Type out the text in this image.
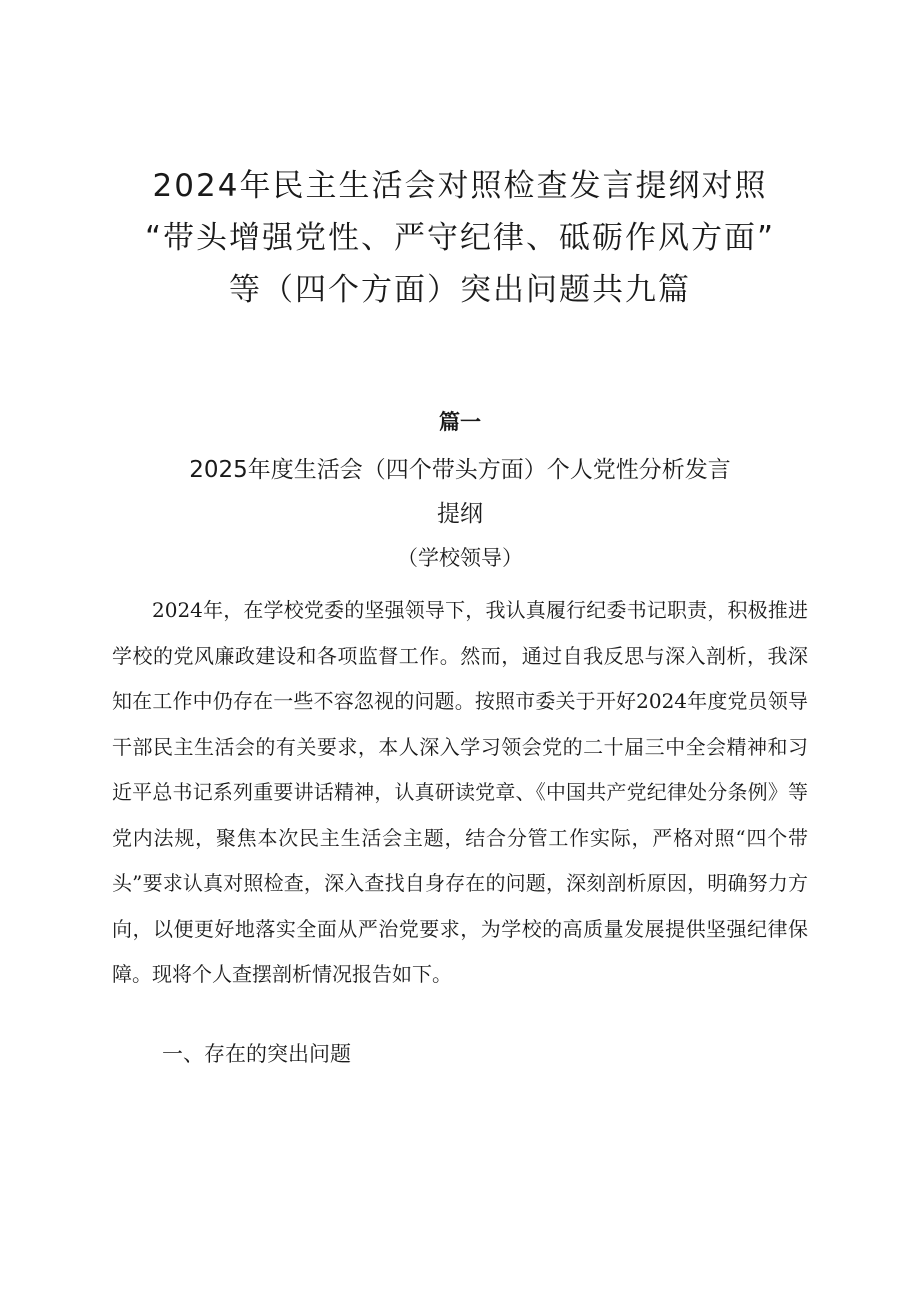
2024年民主生活会对照检查发言提纲对照
“带头增强党性、严守纪律、砥砺作风方面”
等（四个方面）突出问题共九篇
篇一
2025年度生活会（四个带头方面）个人党性分析发言
提纲
（学校领导）

2024年，在学校党委的坚强领导下，我认真履行纪委书记职责，积极推进学校的党风廉政建设和各项监督工作。然而，通过自我反思与深入剖析，我深知在工作中仍存在一些不容忽视的问题。按照市委关于开好2024年度党员领导干部民主生活会的有关要求，本人深入学习领会党的二十届三中全会精神和习近平总书记系列重要讲话精神，认真研读党章、《中国共产党纪律处分条例》等党内法规，聚焦本次民主生活会主题，结合分管工作实际，严格对照“四个带头”要求认真对照检查，深入查找自身存在的问题，深刻剖析原因，明确努力方向，以便更好地落实全面从严治党要求，为学校的高质量发展提供坚强纪律保障。现将个人查摆剖析情况报告如下。

一、存在的突出问题
